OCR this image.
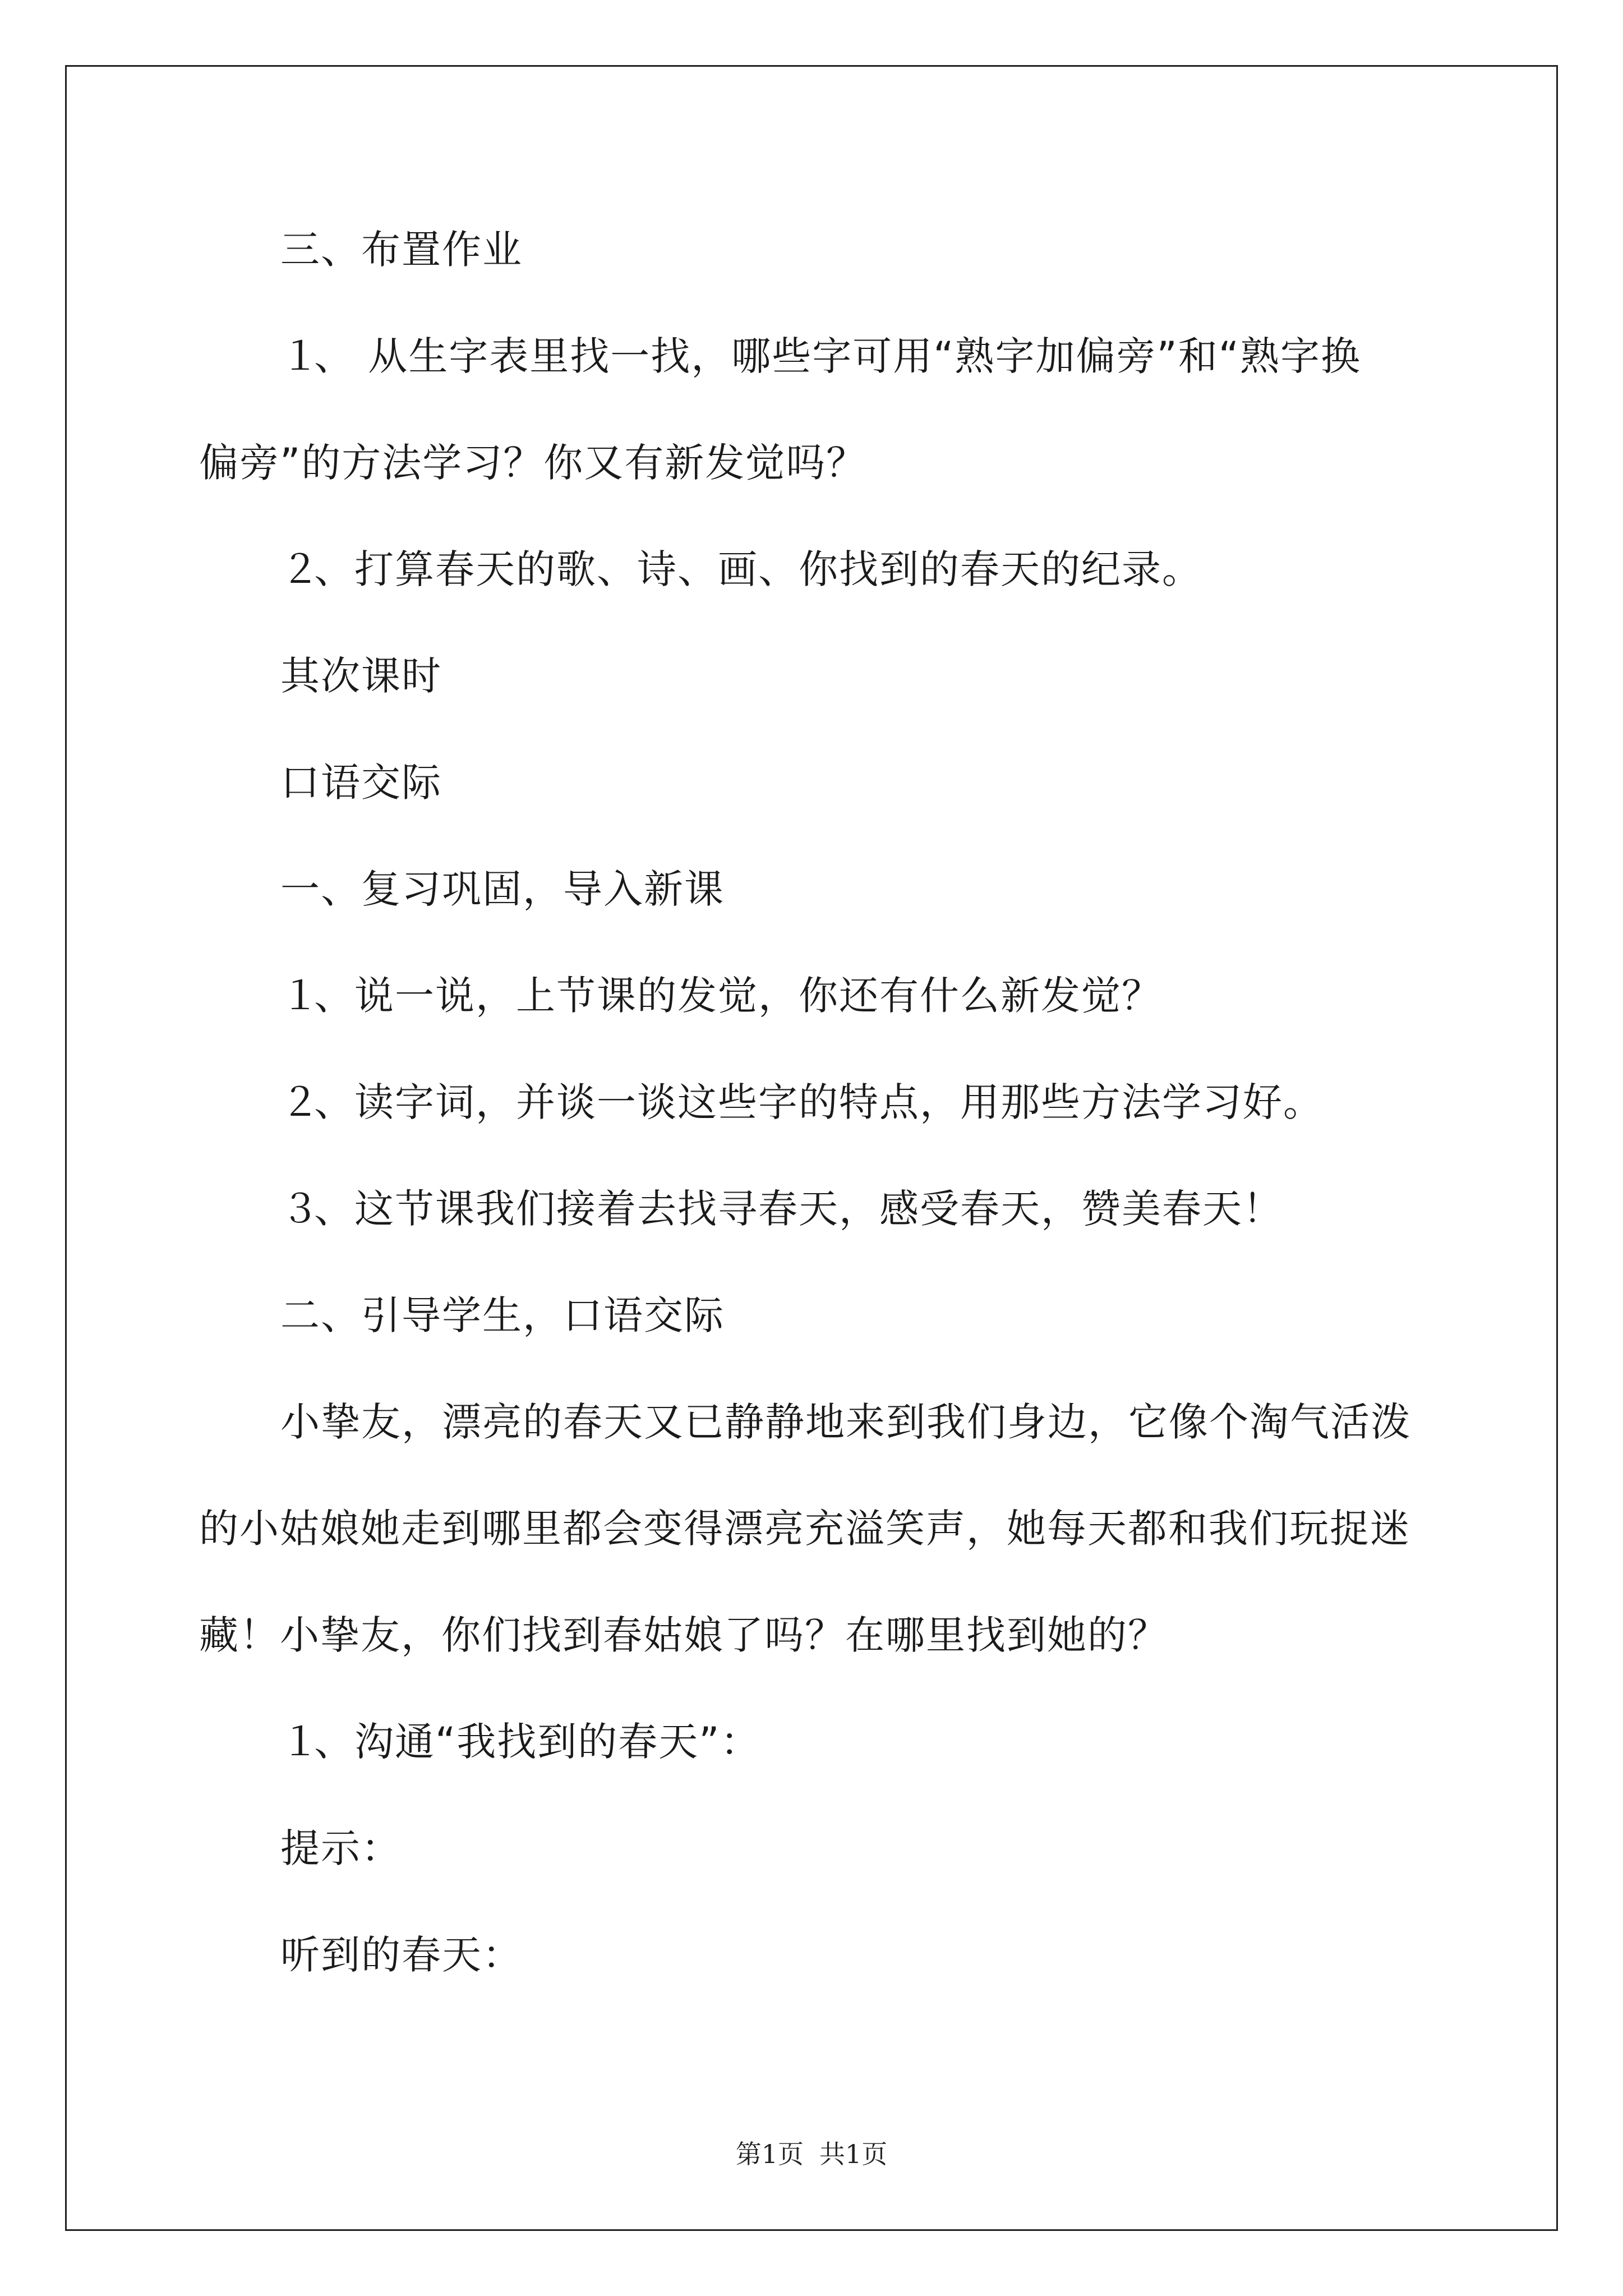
三、布置作业
１、 从生字表里找一找，哪些字可用“熟字加偏旁”和“熟字换
偏旁”的方法学习？你又有新发觉吗？
２、打算春天的歌、诗、画、你找到的春天的纪录。
其次课时
口语交际
一、复习巩固，导入新课
１、说一说，上节课的发觉，你还有什么新发觉？
２、读字词，并谈一谈这些字的特点，用那些方法学习好。
３、这节课我们接着去找寻春天，感受春天，赞美春天！
二、引导学生，口语交际
小挚友，漂亮的春天又已静静地来到我们身边，它像个淘气活泼
的小姑娘她走到哪里都会变得漂亮充溢笑声，她每天都和我们玩捉迷
藏！小挚友，你们找到春姑娘了吗？在哪里找到她的？
１、沟通“我找到的春天”：
提示：
听到的春天：
第1页 共1页
